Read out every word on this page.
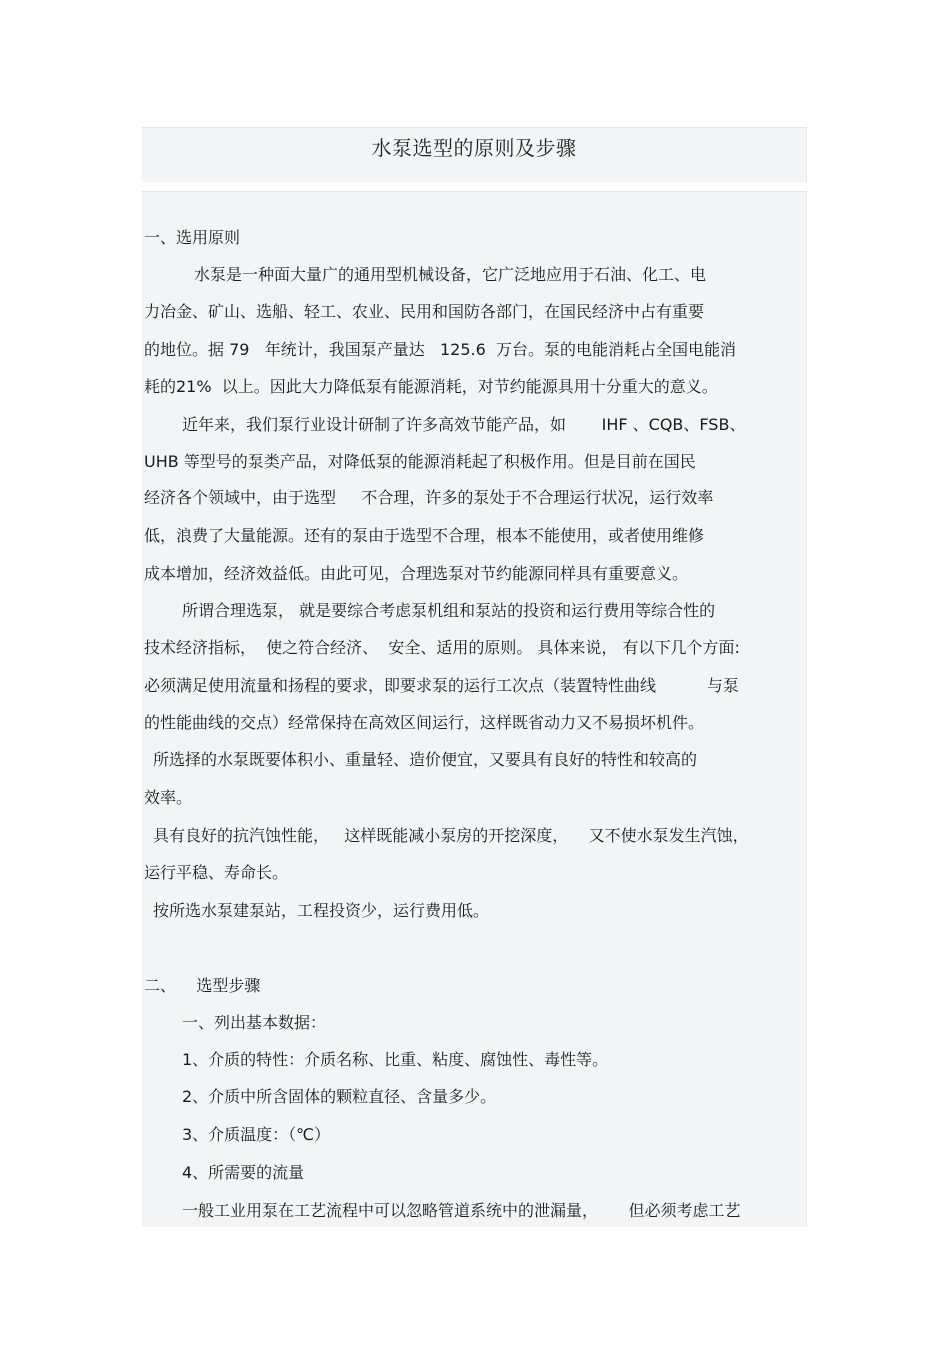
水泵选型的原则及步骤
一、选用原则
水泵是一种面大量广的通用型机械设备，它广泛地应用于石油、化工、电
力冶金、矿山、选船、轻工、农业、民用和国防各部门，在国民经济中占有重要
的地位。据 79   年统计，我国泵产量达   125.6  万台。泵的电能消耗占全国电能消
耗的21%  以上。因此大力降低泵有能源消耗，对节约能源具用十分重大的意义。
近年来，我们泵行业设计研制了许多高效节能产品，如       IHF 、CQB、FSB、
UHB 等型号的泵类产品，对降低泵的能源消耗起了积极作用。但是目前在国民
经济各个领域中，由于选型     不合理，许多的泵处于不合理运行状况，运行效率
低，浪费了大量能源。还有的泵由于选型不合理，根本不能使用，或者使用维修
成本增加，经济效益低。由此可见，合理选泵对节约能源同样具有重要意义。
所谓合理选泵， 就是要综合考虑泵机组和泵站的投资和运行费用等综合性的
技术经济指标，  使之符合经济、  安全、适用的原则。 具体来说， 有以下几个方面:
必须满足使用流量和扬程的要求，即要求泵的运行工次点（装置特性曲线          与泵
的性能曲线的交点）经常保持在高效区间运行，这样既省动力又不易损坏机件。
所选择的水泵既要体积小、重量轻、造价便宜，又要具有良好的特性和较高的
效率。
具有良好的抗汽蚀性能，   这样既能减小泵房的开挖深度，    又不使水泵发生汽蚀，
运行平稳、寿命长。
按所选水泵建泵站，工程投资少，运行费用低。
二、    选型步骤
一、列出基本数据：
1、介质的特性：介质名称、比重、粘度、腐蚀性、毒性等。
2、介质中所含固体的颗粒直径、含量多少。
3、介质温度：（℃）
4、所需要的流量
一般工业用泵在工艺流程中可以忽略管道系统中的泄漏量，      但必须考虑工艺
